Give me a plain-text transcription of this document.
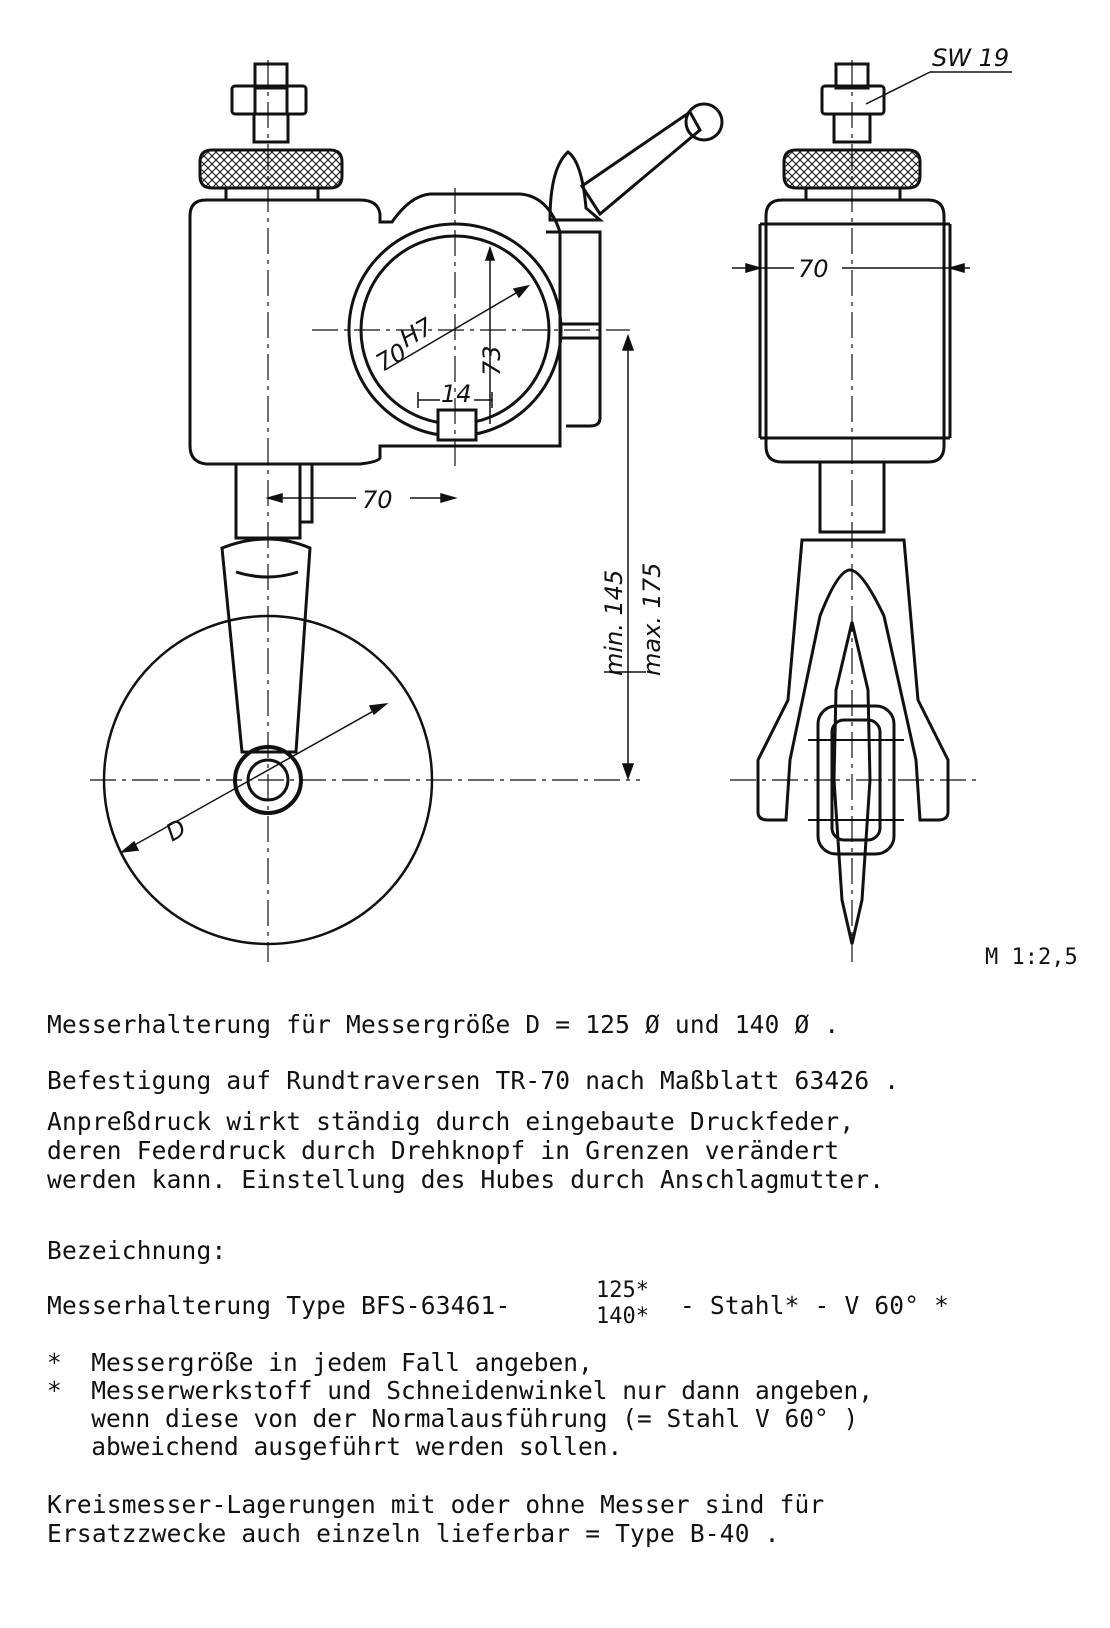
70
H7
14
73
70
min. 145 max. 175
D
SW 19
70
M 1:2,5
Messerhalterung für Messergröße D = 125 Ø und 140 Ø .
Befestigung auf Rundtraversen TR-70 nach Maßblatt 63426 .
Anpreßdruck wirkt ständig durch eingebaute Druckfeder,
deren Federdruck durch Drehknopf in Grenzen verändert
werden kann. Einstellung des Hubes durch Anschlagmutter.
Bezeichnung:
Messerhalterung Type BFS-63461-
125*
140* - Stahl* - V 60° *
*  Messergröße in jedem Fall angeben,
*  Messerwerkstoff und Schneidenwinkel nur dann angeben,
wenn diese von der Normalausführung (= Stahl V 60° )
abweichend ausgeführt werden sollen.
Kreismesser-Lagerungen mit oder ohne Messer sind für
Ersatzzwecke auch einzeln lieferbar = Type B-40 .
